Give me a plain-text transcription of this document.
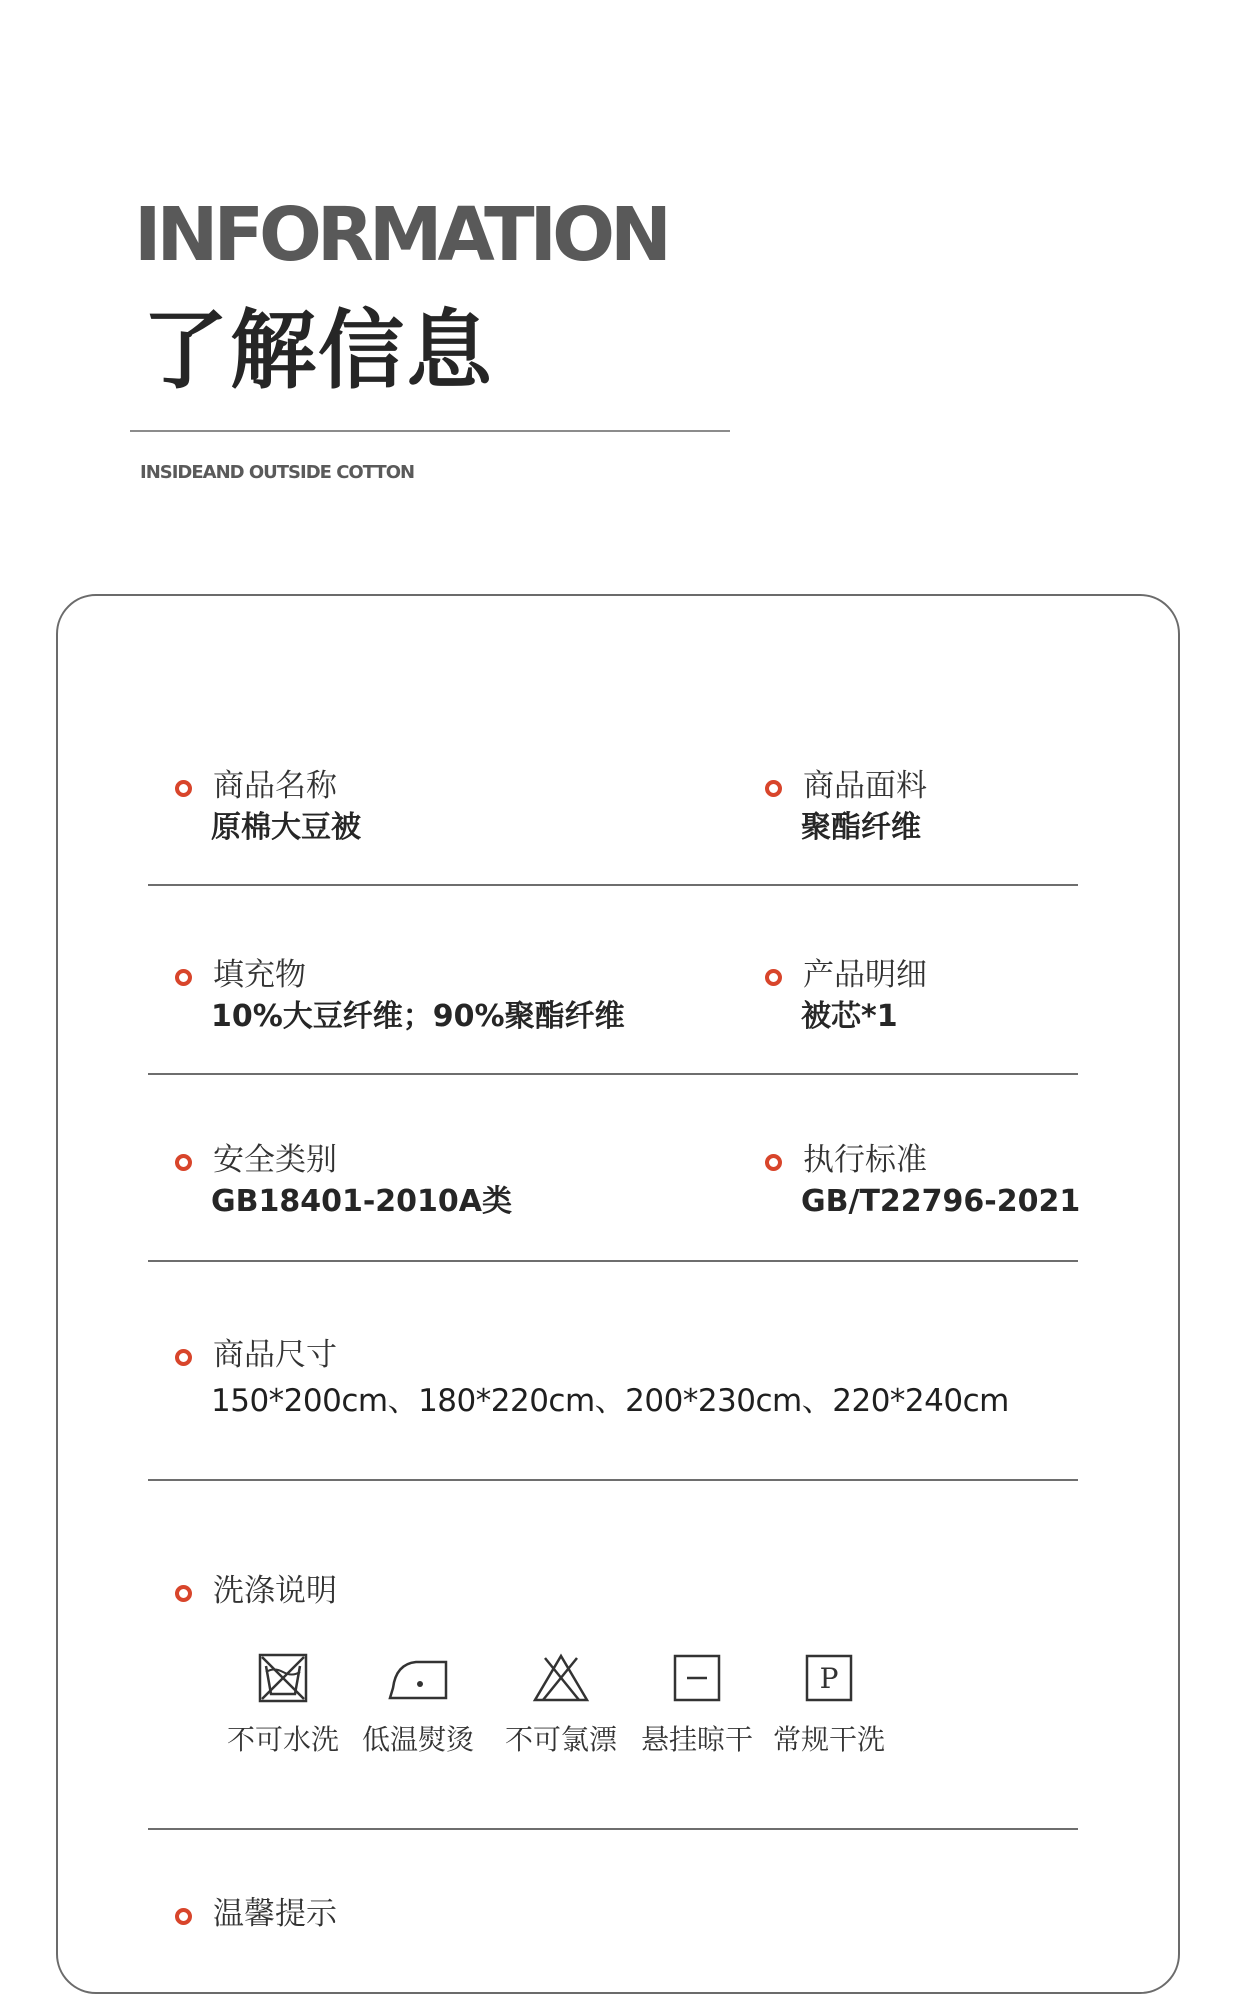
INFORMATION
了解信息
INSIDEAND OUTSIDE COTTON
商品名称
原棉大豆被
商品面料
聚酯纤维
填充物
10%大豆纤维；90%聚酯纤维
产品明细
被芯*1
安全类别
GB18401-2010A类
执行标准
GB/T22796-2021
商品尺寸
150*200cm、180*220cm、200*230cm、220*240cm
洗涤说明
不可水洗 低温熨烫	不可氯漂 悬挂晾干
P
常规干洗
温馨提示
